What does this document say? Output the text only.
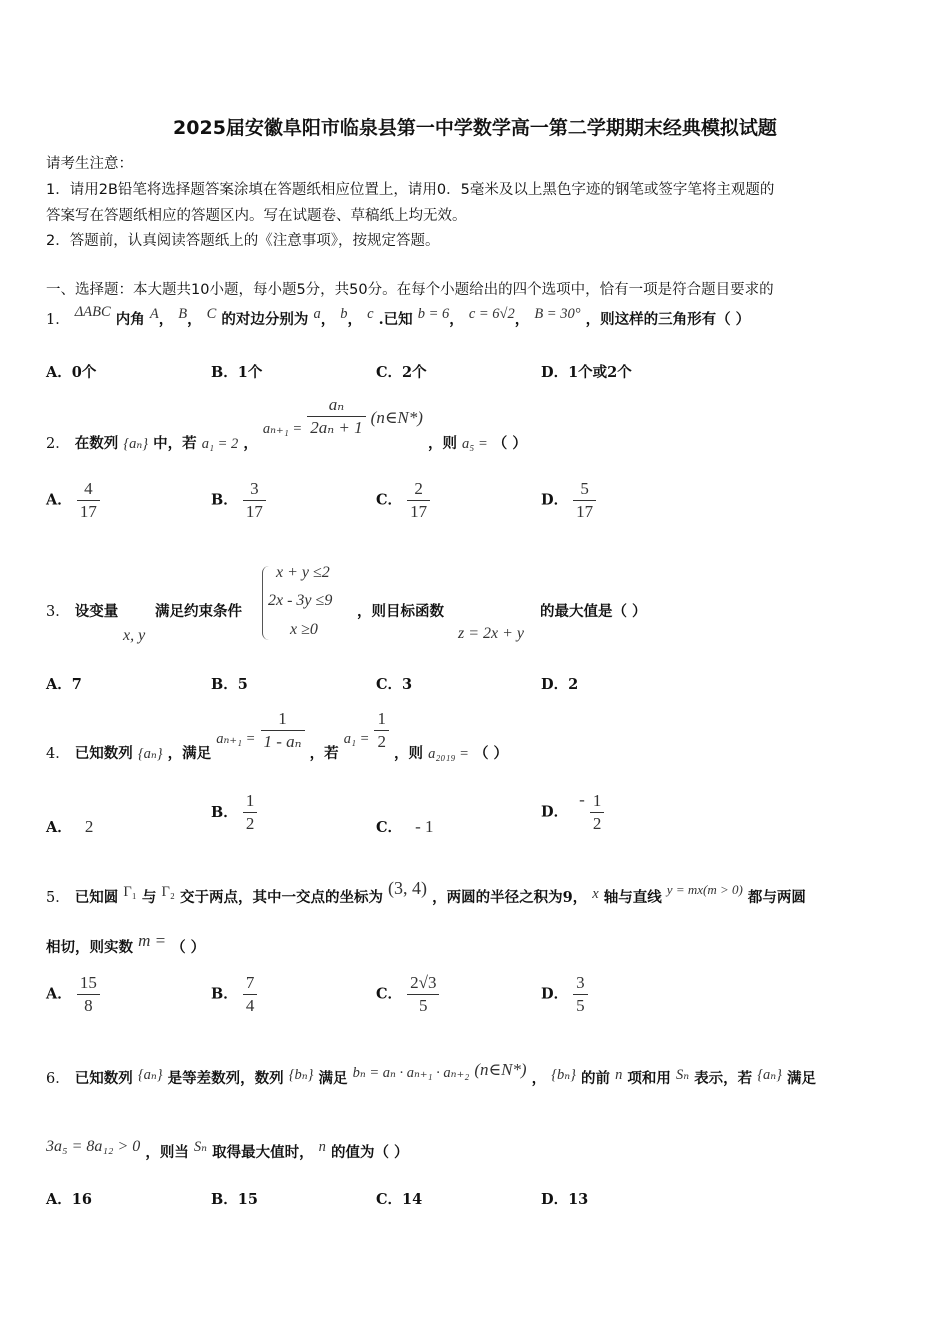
2025届安徽阜阳市临泉县第一中学数学高一第二学期期末经典模拟试题
请考生注意：
1．请用2B铅笔将选择题答案涂填在答题纸相应位置上，请用0．5毫米及以上黑色字迹的钢笔或签字笔将主观题的
答案写在答题纸相应的答题区内。写在试题卷、草稿纸上均无效。
2．答题前，认真阅读答题纸上的《注意事项》，按规定答题。
一、选择题：本大题共10小题，每小题5分，共50分。在每个小题给出的四个选项中，恰有一项是符合题目要求的
1． ΔABC 内角 A， B， C 的对边分别为 a， b， c .已知 b = 6， c = 6√2， B = 30° ，则这样的三角形有（ ）
A．0个	B．1个	C．2个	D．1个或2个
2． 在数列 {aₙ} 中，若 a₁ = 2 ， $a_{n+1} = \frac{\text{aₙ}}{\text{2aₙ + 1}}$ (n∈N*) ，则 a₅ = （ ）
A． $\frac{4}{17}$	B． $\frac{3}{17}$	C． $\frac{2}{17}$	D． $\frac{5}{17}$
3． 设变量
x, y
满足约束条件
x + y ≤2
2x - 3y ≤9
x ≥0
，则目标函数
z = 2x + y
的最大值是（ ）
A．7	B．5	C．3	D．2
4． 已知数列 {aₙ} ，满足 $a_{n+1} = \frac{1}{\text{1 - aₙ}}$ ，若 $a_1 = \frac{1}{2}$ ，则 a₂₀₁₉ = （ ）
A． 2
B． $\frac{1}{2}$	C． - 1
D． - $\frac{1}{2}$
5． 已知圆 Γ₁ 与 Γ₂ 交于两点，其中一交点的坐标为 (3, 4) ，两圆的半径之积为9， x 轴与直线 y = mx(m > 0) 都与两圆
相切，则实数 m = （ ）
A． $\frac{15}{8}$	B． $\frac{7}{4}$	C． $\frac{2√3}{5}$	D． $\frac{3}{5}$
6． 已知数列 {aₙ} 是等差数列，数列 {bₙ} 满足 bₙ = aₙ · aₙ₊₁ · aₙ₊₂ (n∈N*) ， {bₙ} 的前 n 项和用 Sₙ 表示，若 {aₙ} 满足
3a₅ = 8a₁₂ > 0 ，则当 Sₙ 取得最大值时， n 的值为（ ）
A．16	B．15	C．14	D．13
